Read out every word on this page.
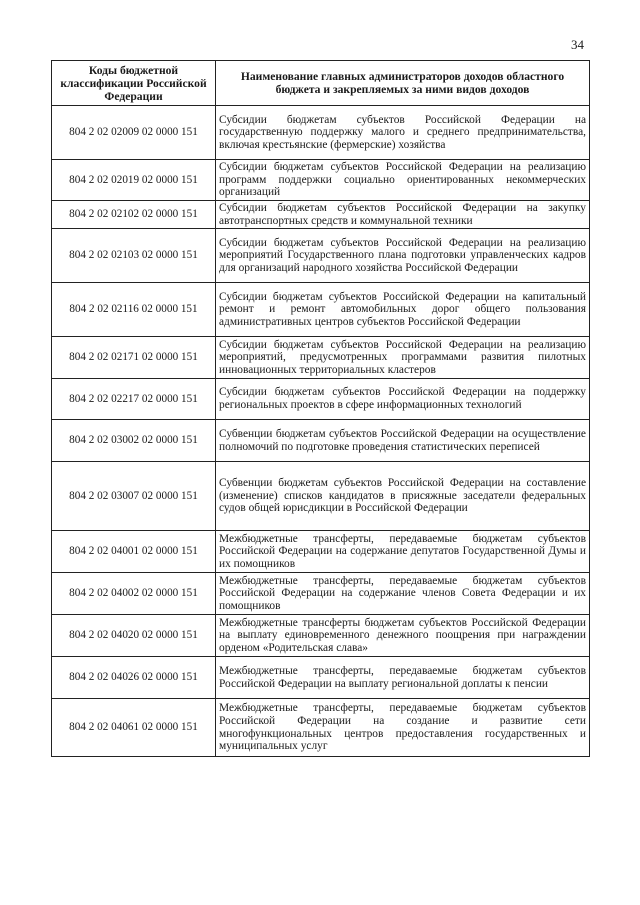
34
Коды бюджетной классификации Российской Федерации	Наименование главных администраторов доходов областного бюджета и закрепляемых за ними видов доходов
804 2 02 02009 02 0000 151	Субсидии бюджетам субъектов Российской Федерации на государственную поддержку малого и среднего предпринимательства, включая крестьянские (фермерские) хозяйства
804 2 02 02019 02 0000 151	Субсидии бюджетам субъектов Российской Федерации на реализацию программ поддержки социально ориентированных некоммерческих организаций
804 2 02 02102 02 0000 151	Субсидии бюджетам субъектов Российской Федерации на закупку автотранспортных средств и коммунальной техники
804 2 02 02103 02 0000 151	Субсидии бюджетам субъектов Российской Федерации на реализацию мероприятий Государственного плана подготовки управленческих кадров для организаций народного хозяйства Российской Федерации
804 2 02 02116 02 0000 151	Субсидии бюджетам субъектов Российской Федерации на капитальный ремонт и ремонт автомобильных дорог общего пользования административных центров субъектов Российской Федерации
804 2 02 02171 02 0000 151	Субсидии бюджетам субъектов Российской Федерации на реализацию мероприятий, предусмотренных программами развития пилотных инновационных территориальных кластеров
804 2 02 02217 02 0000 151	Субсидии бюджетам субъектов Российской Федерации на поддержку региональных проектов в сфере информационных технологий
804 2 02 03002 02 0000 151	Субвенции бюджетам субъектов Российской Федерации на осуществление полномочий по подготовке проведения статистических переписей
804 2 02 03007 02 0000 151	Субвенции бюджетам субъектов Российской Федерации на составление (изменение) списков кандидатов в присяжные заседатели федеральных судов общей юрисдикции в Российской Федерации
804 2 02 04001 02 0000 151	Межбюджетные трансферты, передаваемые бюджетам субъектов Российской Федерации на содержание депутатов Государственной Думы и их помощников
804 2 02 04002 02 0000 151	Межбюджетные трансферты, передаваемые бюджетам субъектов Российской Федерации на содержание членов Совета Федерации и их помощников
804 2 02 04020 02 0000 151	Межбюджетные трансферты бюджетам субъектов Российской Федерации на выплату единовременного денежного поощрения при награждении орденом «Родительская слава»
804 2 02 04026 02 0000 151	Межбюджетные трансферты, передаваемые бюджетам субъектов Российской Федерации на выплату региональной доплаты к пенсии
804 2 02 04061 02 0000 151	Межбюджетные трансферты, передаваемые бюджетам субъектов Российской Федерации на создание и развитие сети многофункциональных центров предоставления государственных и муниципальных услуг
